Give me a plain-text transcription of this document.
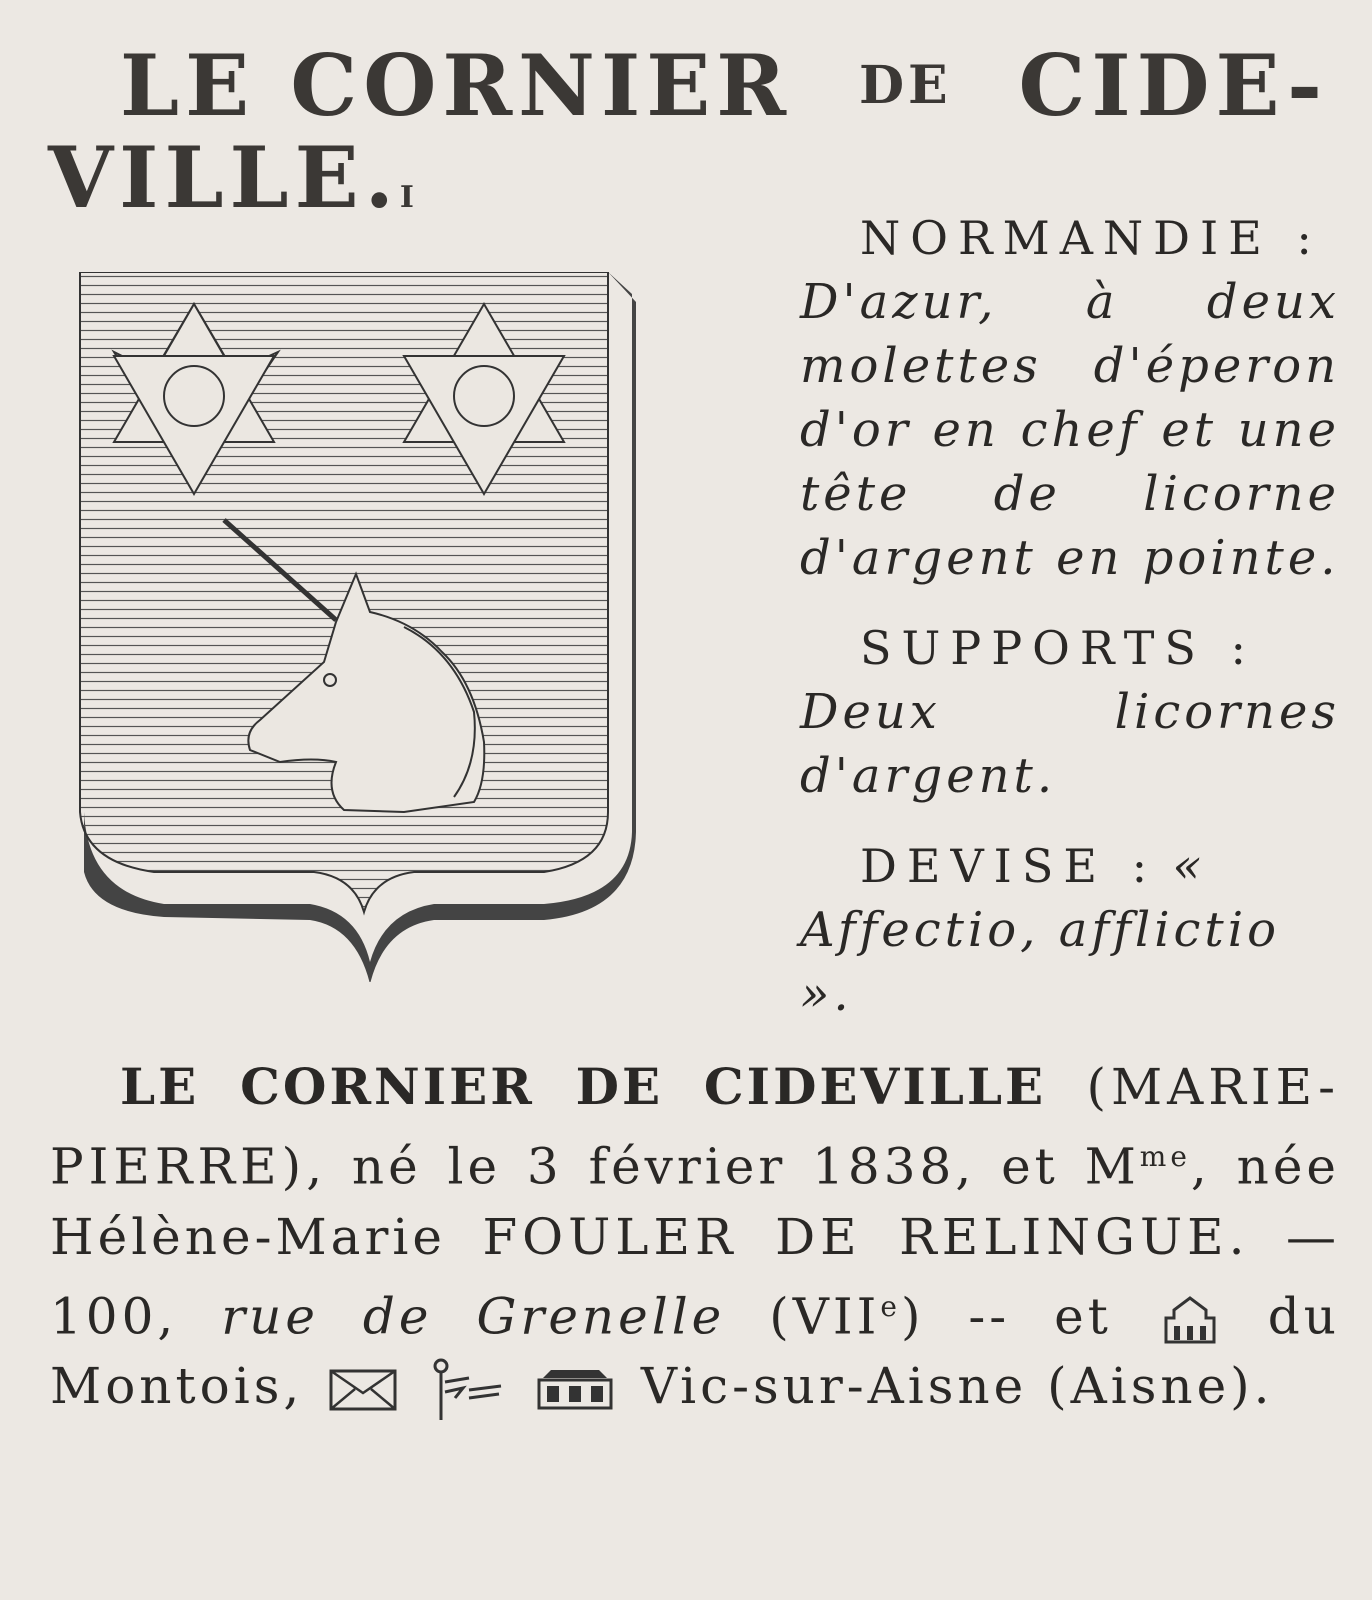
LE CORNIER DE CIDE-
VILLE.I
NORMANDIE :
D'azur, à deux molettes d'éperon d'or en chef et une tête de licorne d'argent en pointe.
SUPPORTS :
Deux licornes d'argent.
DEVISE : « Affectio, afflictio ».
LE CORNIER DE CIDEVILLE (MARIE-PIERRE), né le 3 février 1838, et $M^{me}$, née Hélène-Marie FOULER DE RELINGUE. — 100, rue de Grenelle (VIIe) -- et	du Montois,	Vic-sur-Aisne (Aisne).
